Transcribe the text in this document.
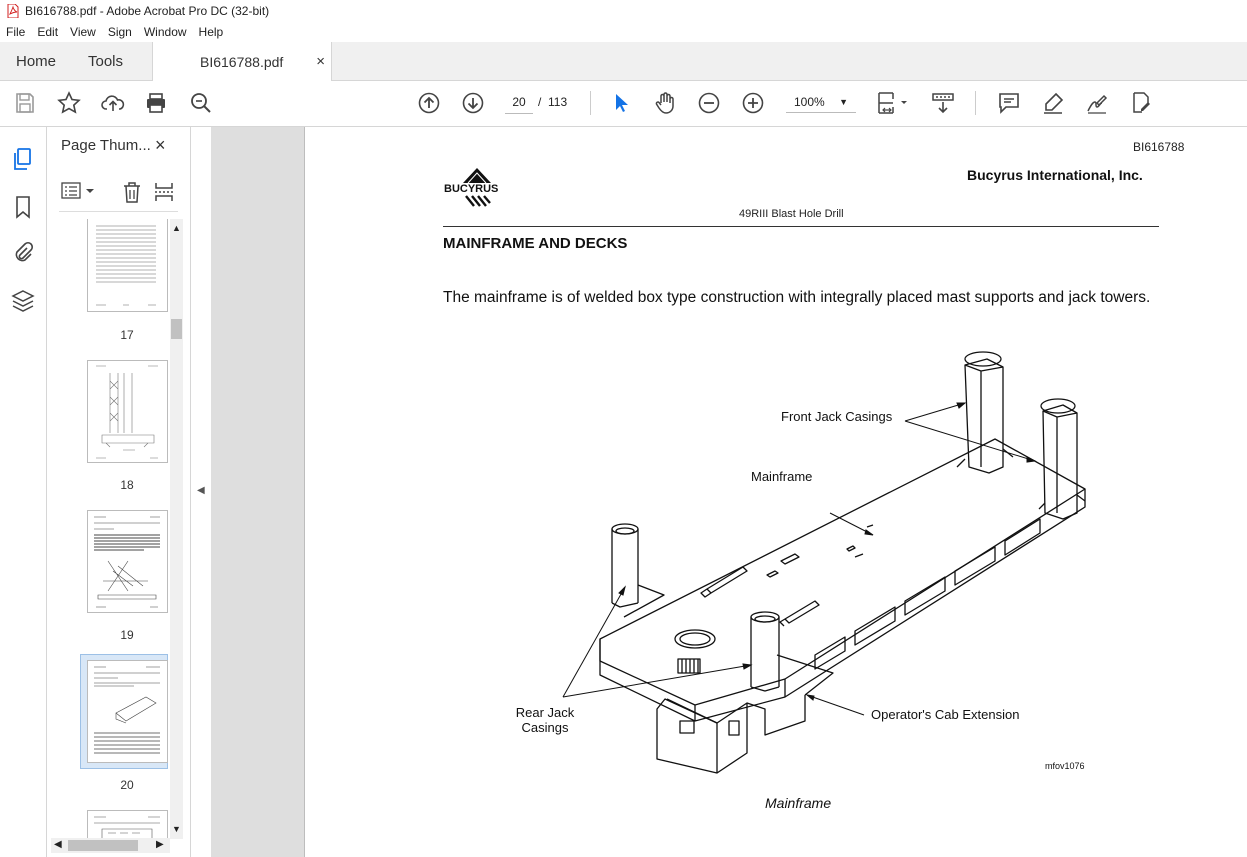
BI616788.pdf - Adobe Acrobat Pro DC (32-bit)
File	Edit	View	Sign	Window	Help
Home Tools	BI616788.pdf ×
20	/
113	100% ▼
Page Thum... ×
17
18
19
20
▲
▼
◀	▶
◀
BI616788
BUCYRUS
Bucyrus International, Inc.
49RIII Blast Hole Drill
MAINFRAME AND DECKS
The mainframe is of welded box type construction with integrally placed mast supports and jack towers.
Front Jack Casings
Mainframe
Rear Jack
Casings
Operator's Cab Extension
mfov1076
Mainframe
